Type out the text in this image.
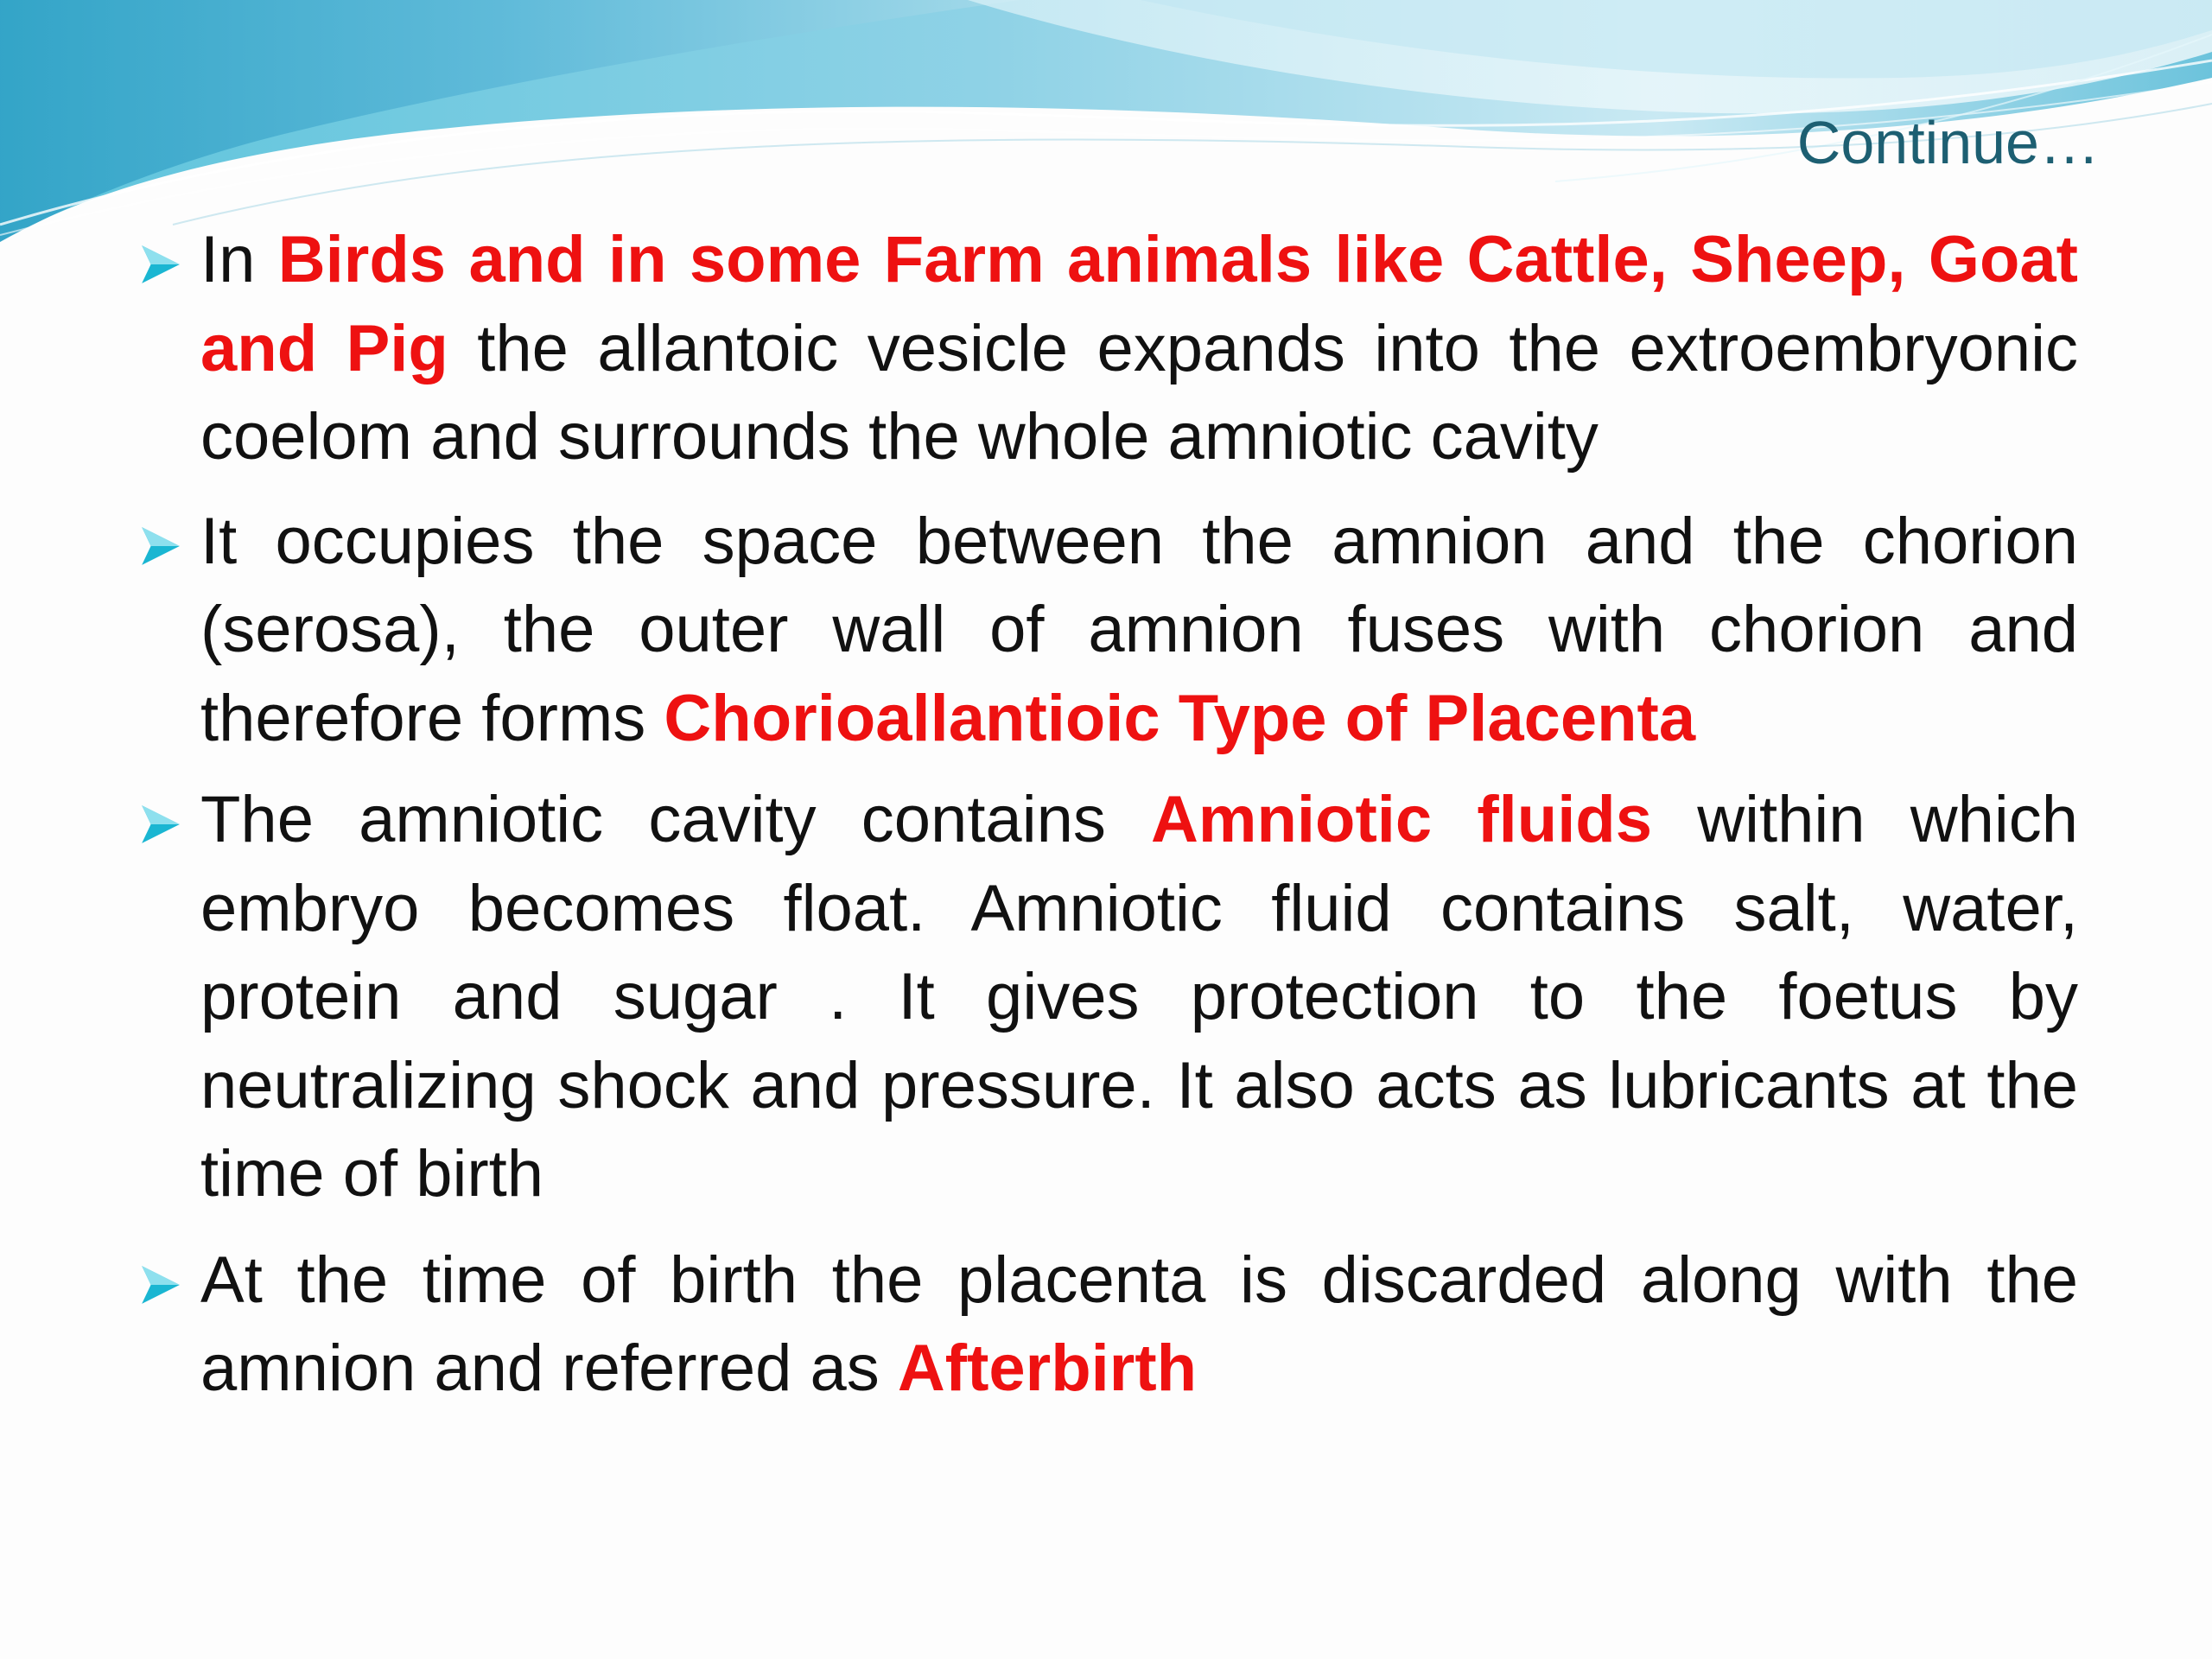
Continue…
In Birds and in some Farm animals like Cattle, Sheep, Goat and Pig the allantoic vesicle expands into the extroembryonic coelom and surrounds the whole amniotic cavity
It occupies the space between the amnion and the chorion (serosa), the outer wall of amnion fuses with chorion and therefore forms Chorioallantioic Type of Placenta
The amniotic cavity contains Amniotic fluids within which embryo becomes float. Amniotic fluid contains salt, water, protein and sugar . It gives protection to the foetus by neutralizing shock and pressure. It also acts as lubricants at the time of birth
At the time of birth the placenta is discarded along with the amnion and referred as Afterbirth
